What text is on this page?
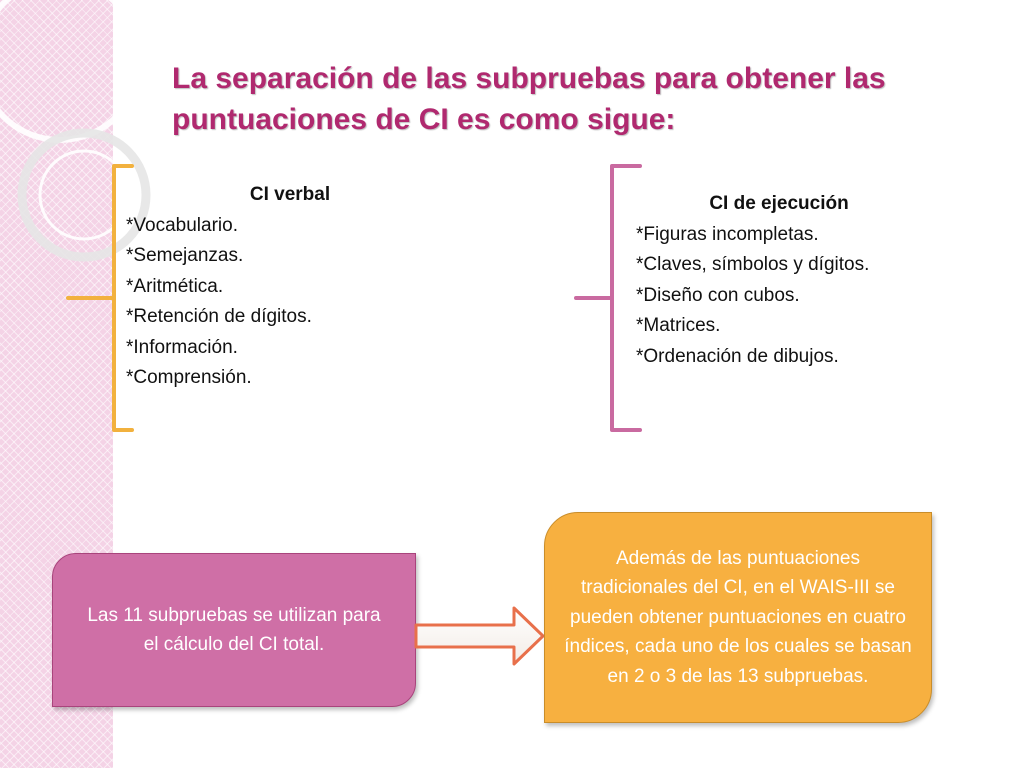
La separación de las subpruebas para obtener las puntuaciones de CI es como sigue:
CI verbal
*Vocabulario.
*Semejanzas.
*Aritmética.
*Retención de dígitos.
*Información.
*Comprensión.
CI de ejecución
*Figuras incompletas.
*Claves, símbolos y dígitos.
*Diseño con cubos.
*Matrices.
*Ordenación de dibujos.
Las 11 subpruebas se utilizan para el cálculo del CI total.
Además de las puntuaciones tradicionales del CI, en el WAIS-III se pueden obtener puntuaciones en cuatro índices, cada uno de los cuales se basan en 2 o 3 de las 13 subpruebas.
